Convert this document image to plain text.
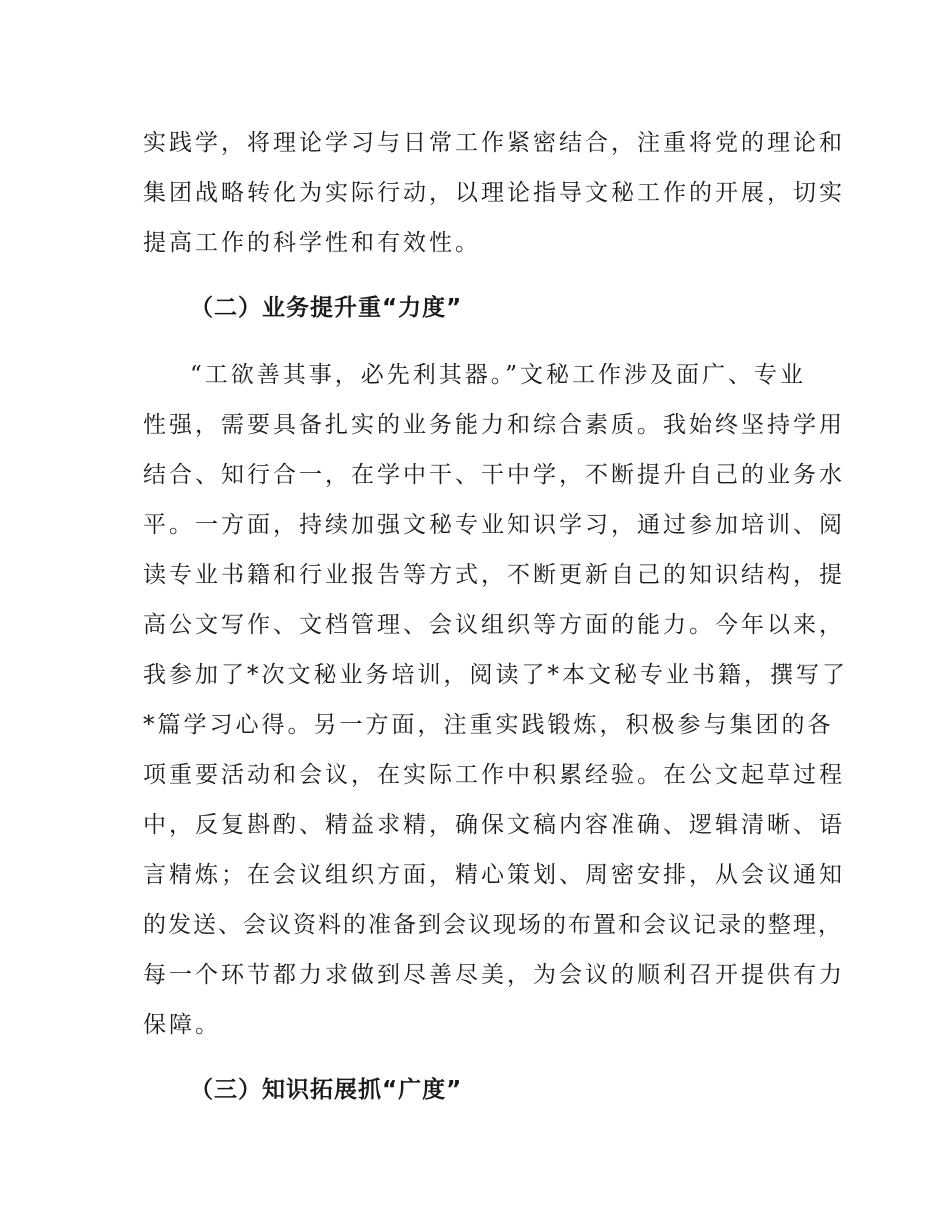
实践学，将理论学习与日常工作紧密结合，注重将党的理论和
集团战略转化为实际行动，以理论指导文秘工作的开展，切实
提高工作的科学性和有效性。
（二）业务提升重“力度”
“工欲善其事，必先利其器。”文秘工作涉及面广、专业
性强，需要具备扎实的业务能力和综合素质。我始终坚持学用
结合、知行合一，在学中干、干中学，不断提升自己的业务水
平。一方面，持续加强文秘专业知识学习，通过参加培训、阅
读专业书籍和行业报告等方式，不断更新自己的知识结构，提
高公文写作、文档管理、会议组织等方面的能力。今年以来，
我参加了*次文秘业务培训，阅读了*本文秘专业书籍，撰写了
*篇学习心得。另一方面，注重实践锻炼，积极参与集团的各
项重要活动和会议，在实际工作中积累经验。在公文起草过程
中，反复斟酌、精益求精，确保文稿内容准确、逻辑清晰、语
言精炼；在会议组织方面，精心策划、周密安排，从会议通知
的发送、会议资料的准备到会议现场的布置和会议记录的整理，
每一个环节都力求做到尽善尽美，为会议的顺利召开提供有力
保障。
（三）知识拓展抓“广度”
